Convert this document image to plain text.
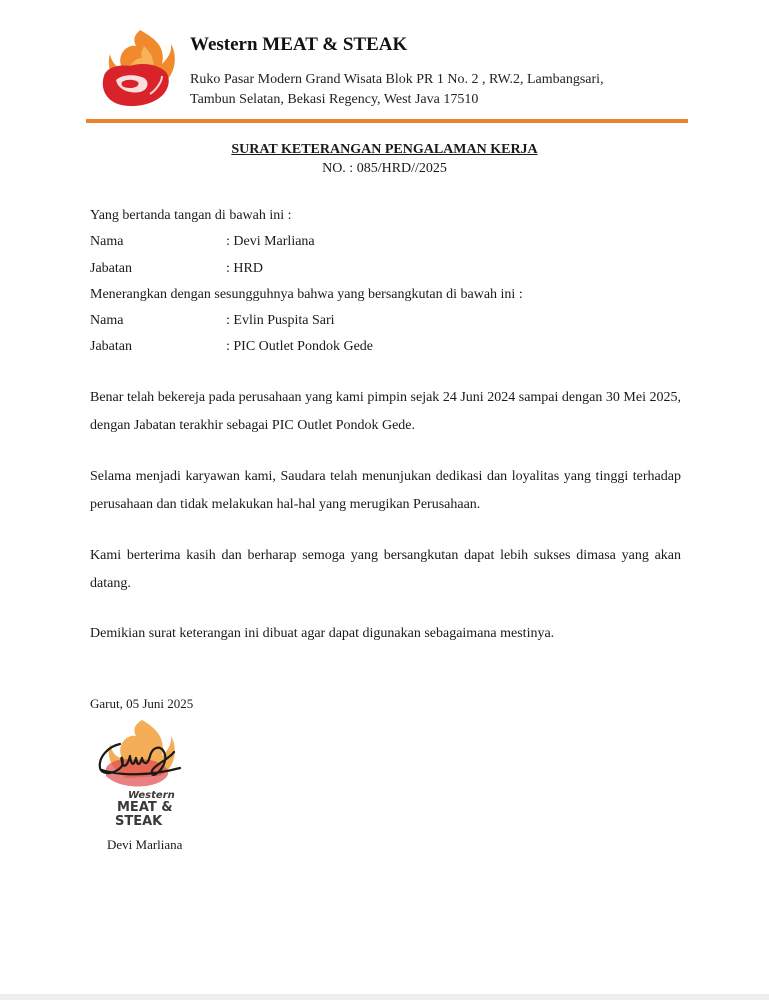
Western MEAT & STEAK
Ruko Pasar Modern Grand Wisata Blok PR 1 No. 2 , RW.2, Lambangsari,
Tambun Selatan, Bekasi Regency, West Java 17510
SURAT KETERANGAN PENGALAMAN KERJA
NO. : 085/HRD//2025
Yang bertanda tangan di bawah ini :
Nama	: Devi Marliana
Jabatan	: HRD
Menerangkan dengan sesungguhnya bahwa yang bersangkutan di bawah ini :
Nama	: Evlin Puspita Sari
Jabatan	: PIC Outlet Pondok Gede
Benar telah bekereja pada perusahaan yang kami pimpin sejak 24 Juni 2024 sampai dengan 30 Mei 2025, dengan Jabatan terakhir sebagai PIC Outlet Pondok Gede.
Selama menjadi karyawan kami, Saudara telah menunjukan dedikasi dan loyalitas yang tinggi terhadap perusahaan dan tidak melakukan hal-hal yang merugikan Perusahaan.
Kami berterima kasih dan berharap semoga yang bersangkutan dapat lebih sukses dimasa yang akan datang.
Demikian surat keterangan ini dibuat agar dapat digunakan sebagaimana mestinya.
Garut, 05 Juni 2025
Western
MEAT &
STEAK
Devi Marliana
